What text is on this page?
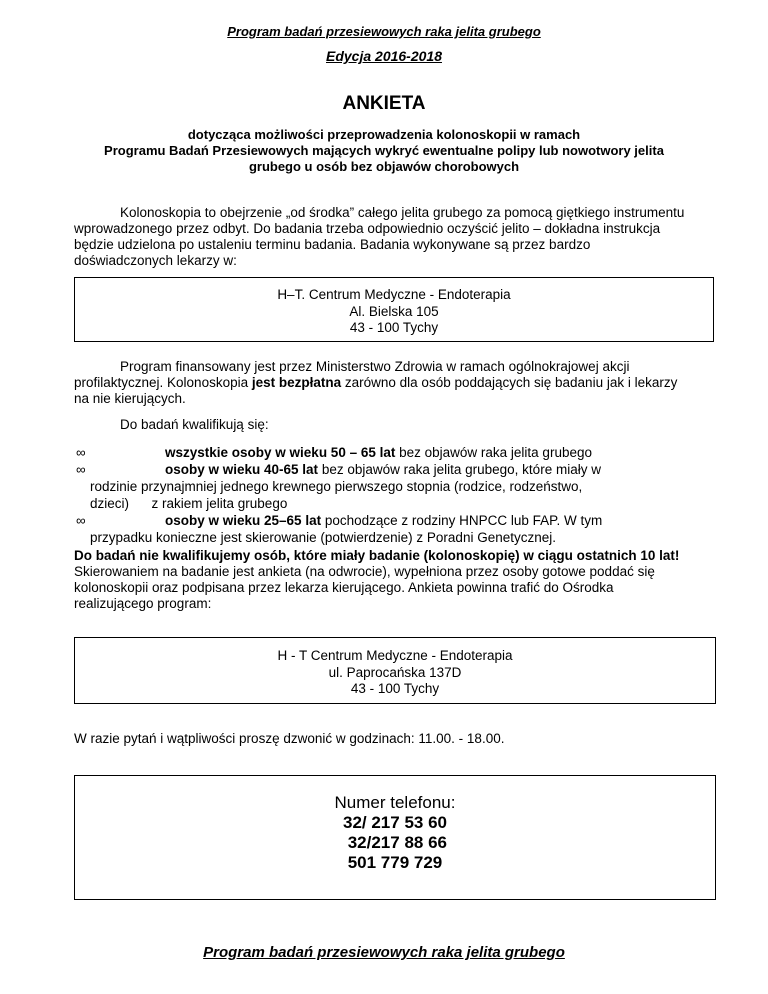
Program badań przesiewowych raka jelita grubego
Edycja 2016-2018
ANKIETA
dotycząca możliwości przeprowadzenia kolonoskopii w ramach
Programu Badań Przesiewowych mających wykryć ewentualne polipy lub nowotwory jelita
grubego u osób bez objawów chorobowych
Kolonoskopia to obejrzenie „od środka” całego jelita grubego za pomocą giętkiego instrumentu
wprowadzonego przez odbyt. Do badania trzeba odpowiednio oczyścić jelito – dokładna instrukcja
będzie udzielona po ustaleniu terminu badania. Badania wykonywane są przez bardzo
doświadczonych lekarzy w:
H–T. Centrum Medyczne - Endoterapia
Al. Bielska 105
43 - 100 Tychy
Program finansowany jest przez Ministerstwo Zdrowia w ramach ogólnokrajowej akcji
profilaktycznej. Kolonoskopia jest bezpłatna zarówno dla osób poddających się badaniu jak i lekarzy
na nie kierujących.
Do badań kwalifikują się:
∞	wszystkie osoby w wieku 50 – 65 lat bez objawów raka jelita grubego
∞	osoby w wieku 40-65 lat bez objawów raka jelita grubego, które miały w
rodzinie przynajmniej jednego krewnego pierwszego stopnia (rodzice, rodzeństwo,
dzieci)      z rakiem jelita grubego
∞	osoby w wieku 25–65 lat pochodzące z rodziny HNPCC lub FAP. W tym
przypadku konieczne jest skierowanie (potwierdzenie) z Poradni Genetycznej.
Do badań nie kwalifikujemy osób, które miały badanie (kolonoskopię) w ciągu ostatnich 10 lat!
Skierowaniem na badanie jest ankieta (na odwrocie), wypełniona przez osoby gotowe poddać się
kolonoskopii oraz podpisana przez lekarza kierującego. Ankieta powinna trafić do Ośrodka
realizującego program:
H - T Centrum Medyczne - Endoterapia
ul. Paprocańska 137D
43 - 100 Tychy
W razie pytań i wątpliwości proszę dzwonić w godzinach: 11.00. - 18.00.
Numer telefonu:
32/ 217 53 60
32/217 88 66
501 779 729
Program badań przesiewowych raka jelita grubego
